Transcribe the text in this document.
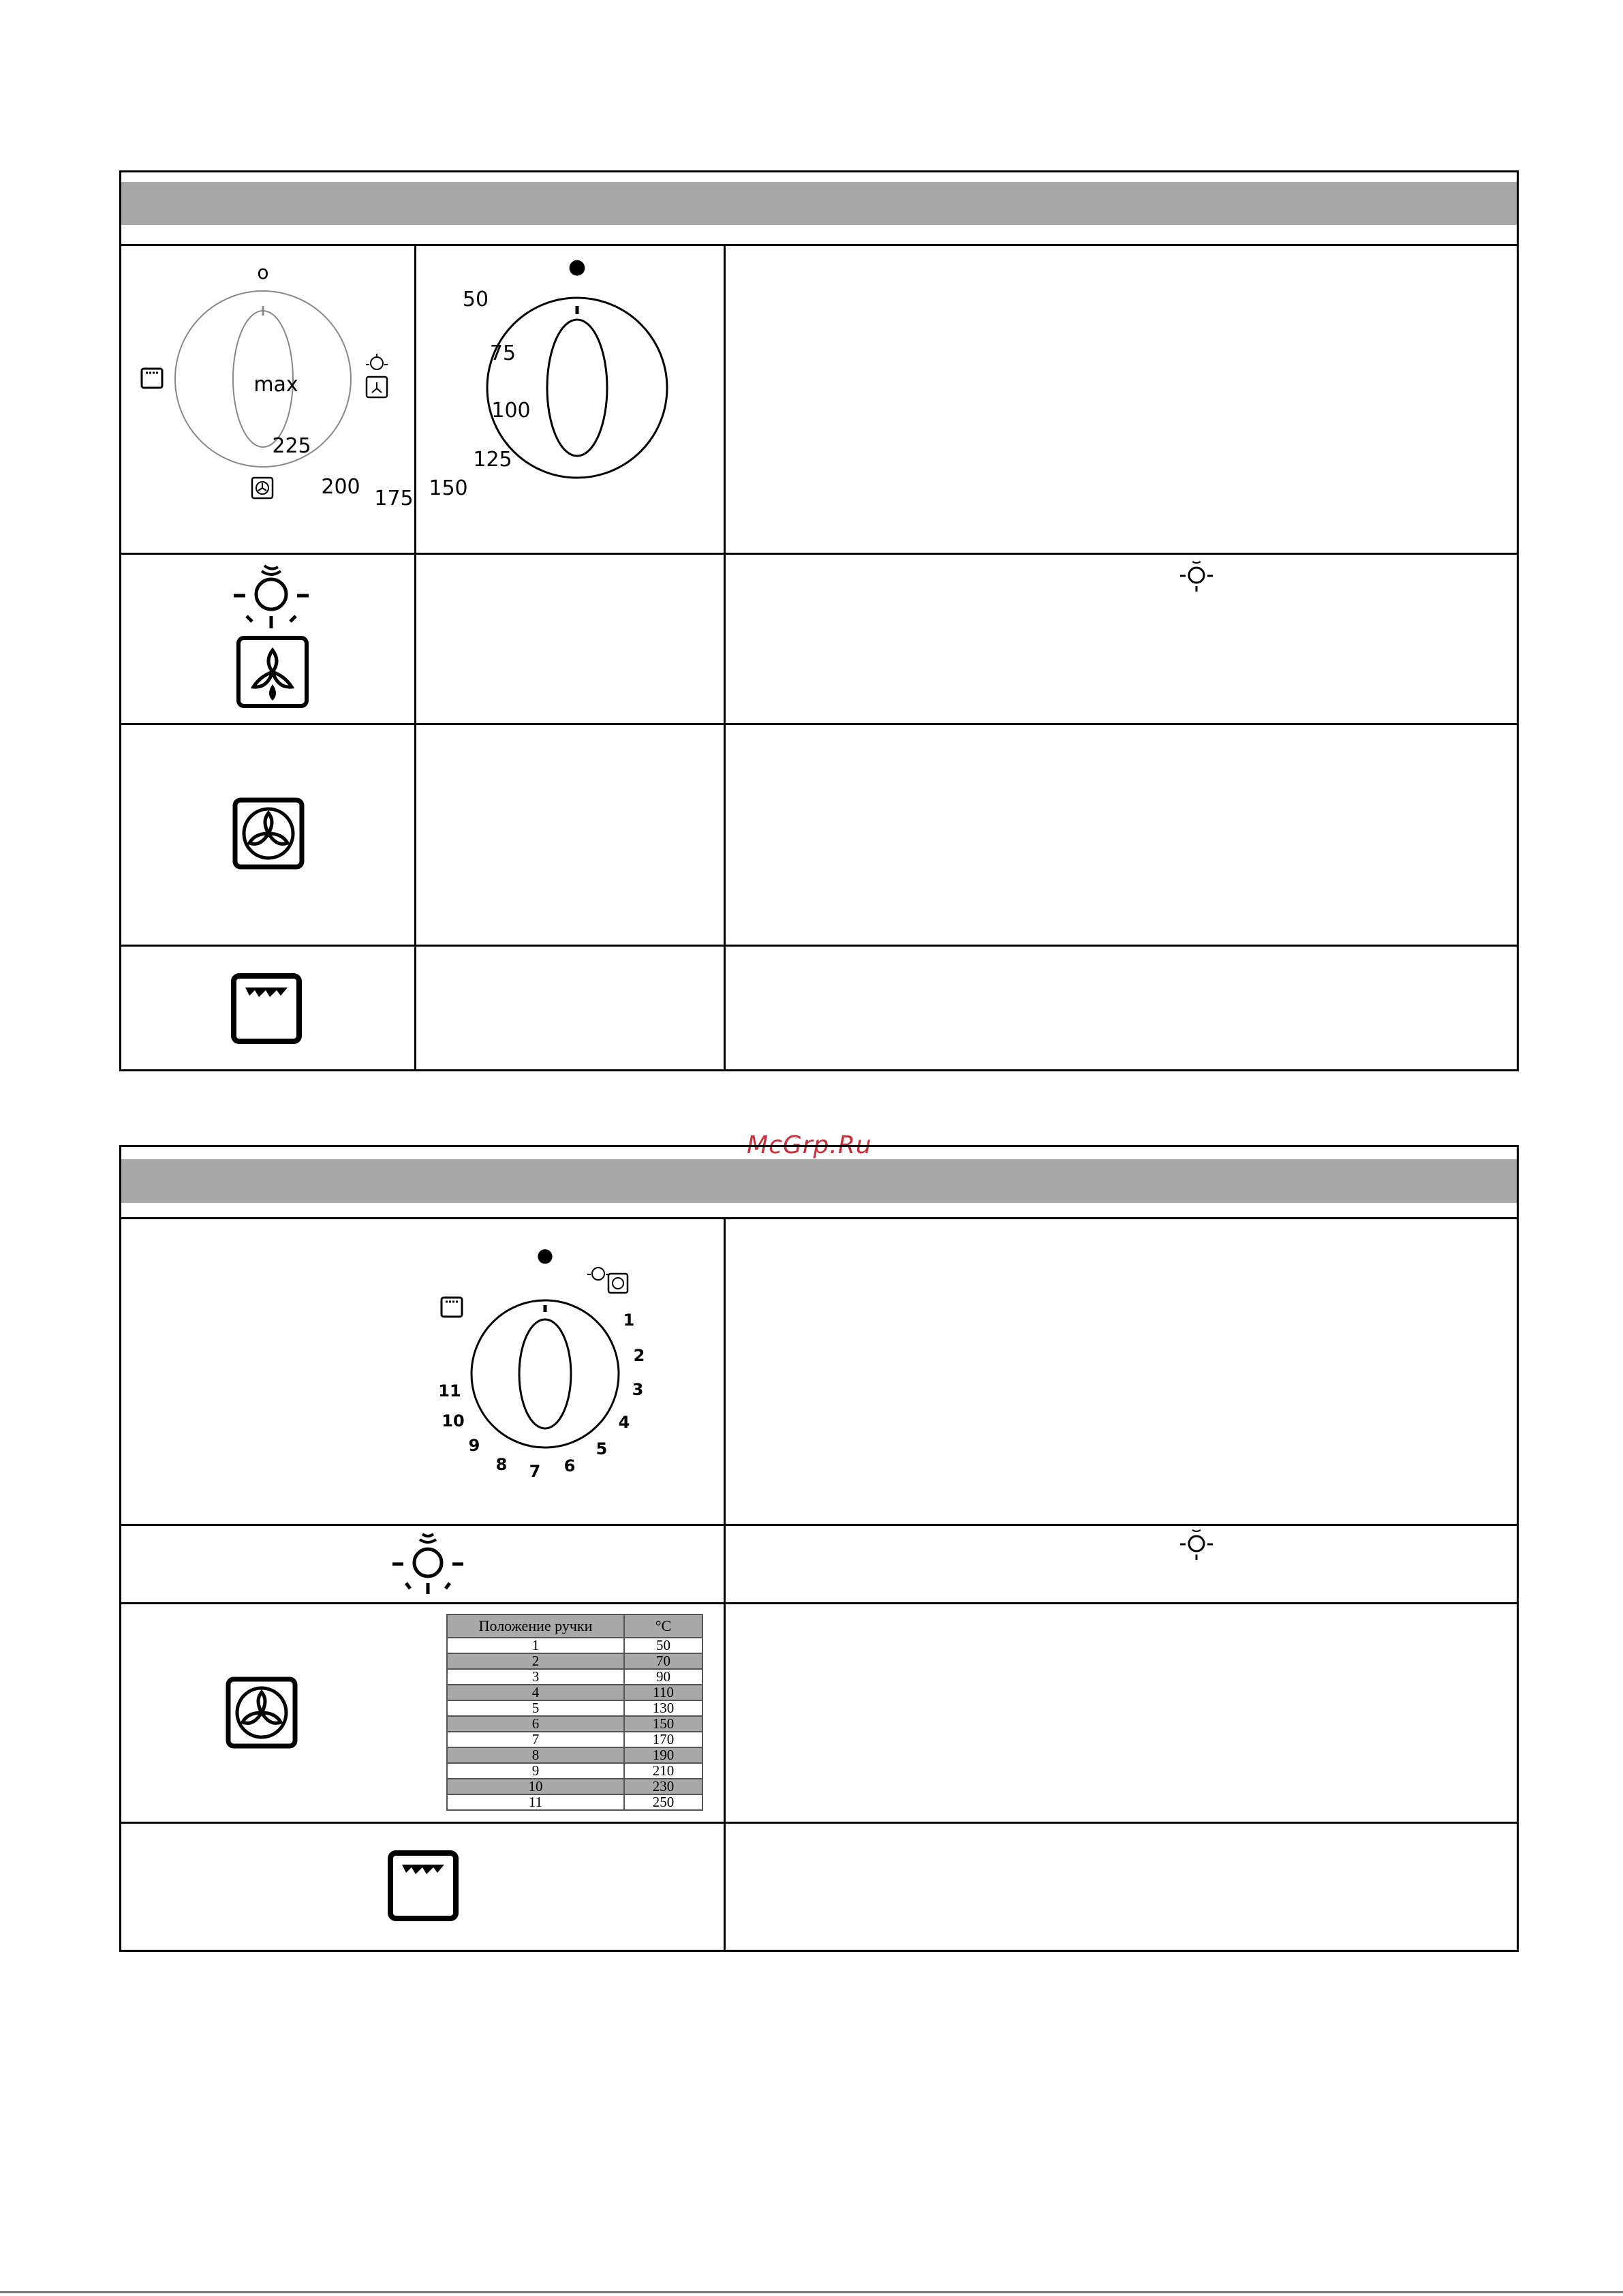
o	●
50
75
100
125
150
175
200
225
max
McGrp.Ru
●
1
2
3
4
5
6
7
8
9
10
11
Положение ручки	°C
1	50
2	70
3	90
4	110
5	130
6	150
7	170
8	190
9	210
10	230
11	250
